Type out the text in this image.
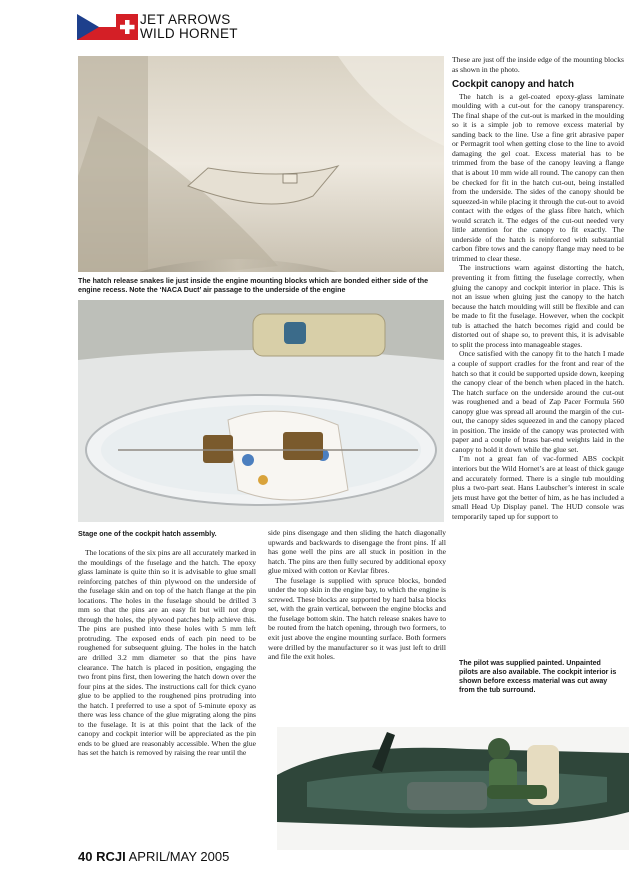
JET ARROWS
WILD HORNET
The hatch release snakes lie just inside the engine mounting blocks which are bonded either side of the engine recess. Note the ‘NACA Duct’ air passage to the underside of the engine
Stage one of the cockpit hatch assembly.
The pilot was supplied painted. Unpainted pilots are also available. The cockpit interior is shown before excess material was cut away from the tub surround.

The locations of the six pins are all accurately marked in the mouldings of the fuselage and the hatch. The epoxy glass laminate is quite thin so it is advisable to glue small reinforcing patches of thin plywood on the underside of the fuselage skin and on top of the hatch flange at the pin locations. The holes in the fuselage should be drilled 3 mm so that the pins are an easy fit but will not drop through the holes, the plywood patches help achieve this. The pins are pushed into these holes with 5 mm left protruding. The exposed ends of each pin need to be roughened for subsequent gluing. The holes in the hatch are drilled 3.2 mm diameter so that the pins have clearance. The hatch is placed in position, engaging the two front pins first, then lowering the hatch down over the four pins at the sides. The instructions call for thick cyano glue to be applied to the roughened pins protruding into the hatch. I preferred to use a spot of 5-minute epoxy as there was less chance of the glue migrating along the pins to the fuselage. It is at this point that the lack of the canopy and cockpit interior will be appreciated as the pin ends to be glued are reasonably accessible. When the glue has set the hatch is removed by raising the rear until the

side pins disengage and then sliding the hatch diagonally upwards and backwards to disengage the front pins. If all has gone well the pins are all stuck in position in the hatch. The pins are then fully secured by additional epoxy glue mixed with cotton or Kevlar fibres.

The fuselage is supplied with spruce blocks, bonded under the top skin in the engine bay, to which the engine is screwed. These blocks are supported by hard balsa blocks set, with the grain vertical, between the engine blocks and the fuselage bottom skin. The hatch release snakes have to be routed from the hatch opening, through two formers, to exit just above the engine mounting surface. Both formers were drilled by the manufacturer so it was just left to drill and file the exit holes.

These are just off the inside edge of the mounting blocks as shown in the photo.

Cockpit canopy and hatch

The hatch is a gel-coated epoxy-glass laminate moulding with a cut-out for the canopy transparency. The final shape of the cut-out is marked in the moulding so it is a simple job to remove excess material by sanding back to the line. Use a fine grit abrasive paper or Permagrit tool when getting close to the line to avoid damaging the gel coat. Excess material has to be trimmed from the base of the canopy leaving a flange that is about 10 mm wide all round. The canopy can then be checked for fit in the hatch cut-out, being installed from the underside. The sides of the canopy should be squeezed-in while placing it through the cut-out to avoid contact with the edges of the glass fibre hatch, which would scratch it. The edges of the cut-out needed very little attention for the canopy to fit exactly. The underside of the hatch is reinforced with substantial carbon fibre tows and the canopy flange may need to be trimmed to clear these.

The instructions warn against distorting the hatch, preventing it from fitting the fuselage correctly, when gluing the canopy and cockpit interior in place. This is not an issue when gluing just the canopy to the hatch because the hatch moulding will still be flexible and can be made to fit the fuselage. However, when the cockpit tub is attached the hatch becomes rigid and could be distorted out of shape so, to prevent this, it is advisable to split the process into manageable stages.

Once satisfied with the canopy fit to the hatch I made a couple of support cradles for the front and rear of the hatch so that it could be supported upside down, keeping the canopy clear of the bench when placed in the hatch. The hatch surface on the underside around the cut-out was roughened and a bead of Zap Pacer Formula 560 canopy glue was spread all around the margin of the cut-out, the canopy sides squeezed in and the canopy placed in position. The inside of the canopy was protected with paper and a couple of brass bar-end weights laid in the canopy to hold it down while the glue set.

I’m not a great fan of vac-formed ABS cockpit interiors but the Wild Hornet’s are at least of thick gauge and accurately formed. There is a single tub moulding plus a two-part seat. Hans Laubscher’s interest in scale jets must have got the better of him, as he has included a small Head Up Display panel. The HUD console was temporarily taped up for support to

40 RCJI APRIL/MAY 2005
